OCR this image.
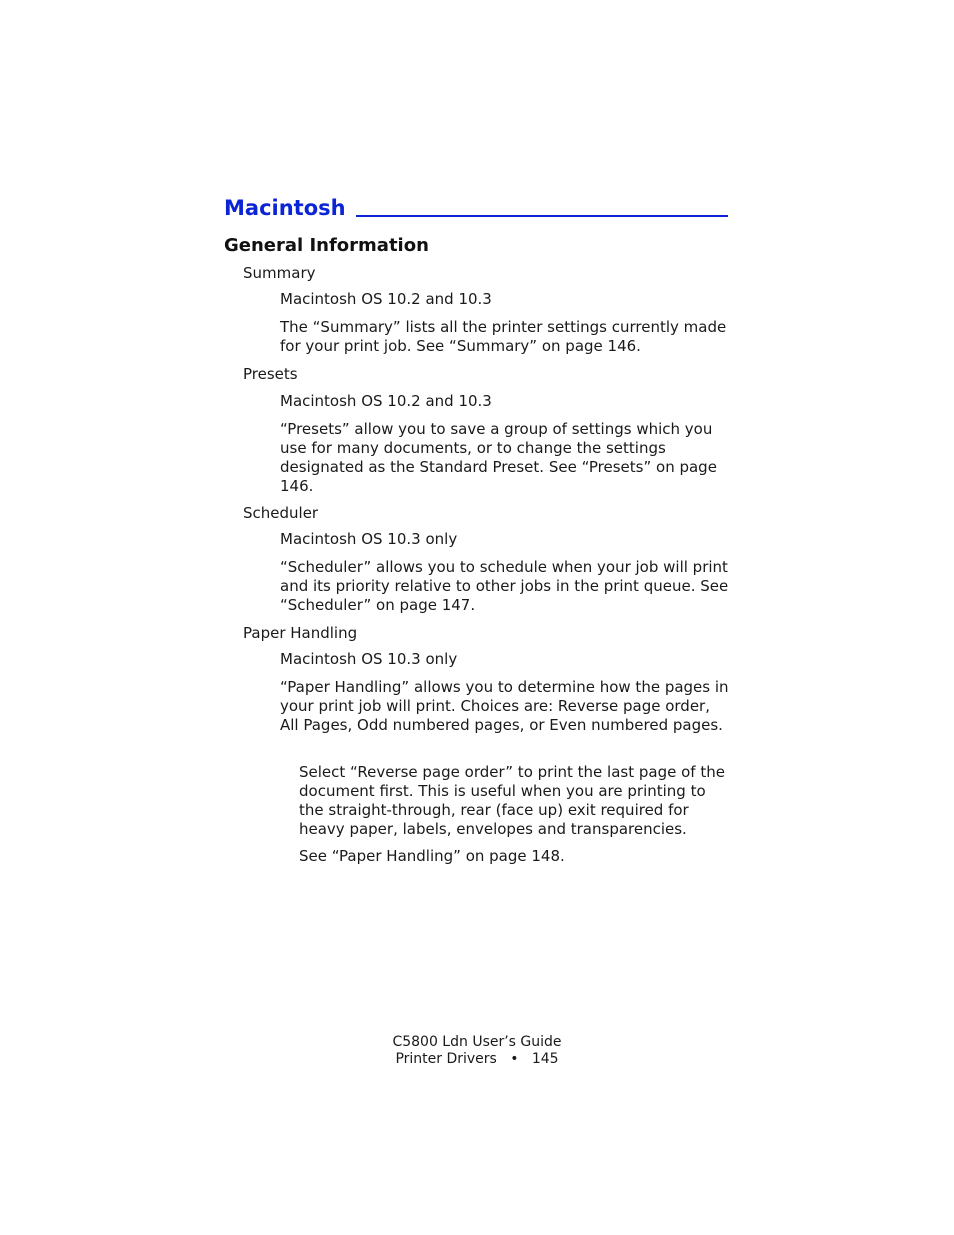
Macintosh
General Information

Summary

Macintosh OS 10.2 and 10.3

The “Summary” lists all the printer settings currently made for your print job. See “Summary” on page 146.

Presets

Macintosh OS 10.2 and 10.3

“Presets” allow you to save a group of settings which you use for many documents, or to change the settings designated as the Standard Preset. See “Presets” on page 146.

Scheduler

Macintosh OS 10.3 only

“Scheduler” allows you to schedule when your job will print and its priority relative to other jobs in the print queue. See “Scheduler” on page 147.

Paper Handling

Macintosh OS 10.3 only

“Paper Handling” allows you to determine how the pages in your print job will print. Choices are: Reverse page order, All Pages, Odd numbered pages, or Even numbered pages.

Select “Reverse page order” to print the last page of the document first. This is useful when you are printing to the straight-through, rear (face up) exit required for heavy paper, labels, envelopes and transparencies.

See “Paper Handling” on page 148.

C5800 Ldn User’s Guide

Printer Drivers • 145
